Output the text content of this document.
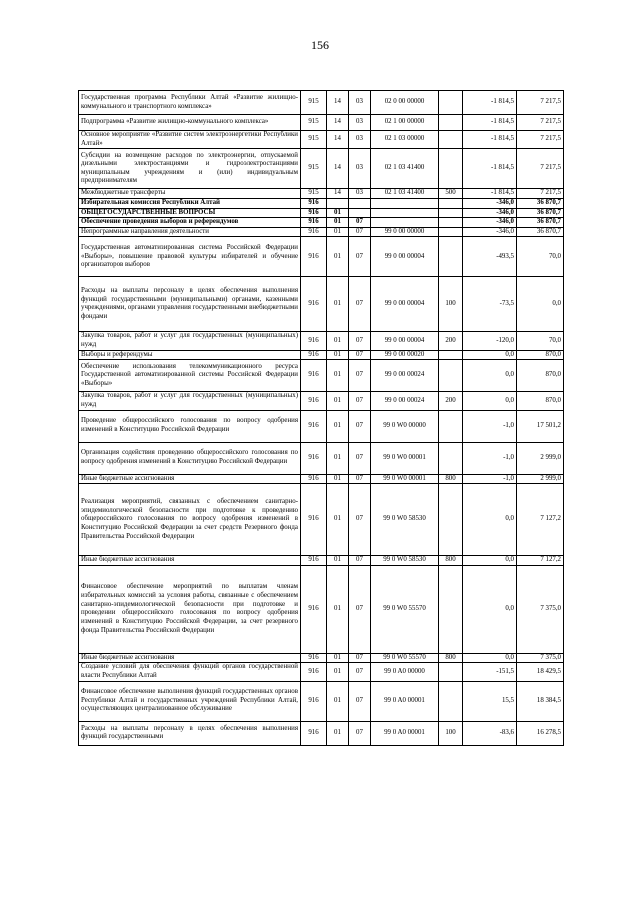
156
Государственная программа Республики Алтай «Развитие жилищно-коммунального и транспортного комплекса»	915	14	03	02 0 00 00000		-1 814,5	7 217,5
Подпрограмма «Развитие жилищно-коммунального комплекса»	915	14	03	02 1 00 00000		-1 814,5	7 217,5
Основное мероприятие «Развитие систем электроэнергетики Республики Алтай»	915	14	03	02 1 03 00000		-1 814,5	7 217,5
Субсидии на возмещение расходов по электроэнергии, отпускаемой дизельными электростанциями и гидроэлектростанциями муниципальным учреждениям и (или) индивидуальным предпринимателям	915	14	03	02 1 03 41400		-1 814,5	7 217,5
Межбюджетные трансферты	915	14	03	02 1 03 41400	500	-1 814,5	7 217,5
Избирательная комиссия Республики Алтай	916					-346,0	36 870,7
ОБЩЕГОСУДАРСТВЕННЫЕ ВОПРОСЫ	916	01				-346,0	36 870,7
Обеспечение проведения выборов и референдумов	916	01	07			-346,0	36 870,7
Непрограммные направления деятельности	916	01	07	99 0 00 00000		-346,0	36 870,7
Государственная автоматизированная система Российской Федерации «Выборы», повышение правовой культуры избирателей и обучение организаторов выборов	916	01	07	99 0 00 00004		-493,5	70,0
Расходы на выплаты персоналу в целях обеспечения выполнения функций государственными (муниципальными) органами, казенными учреждениями, органами управления государственными внебюджетными фондами	916	01	07	99 0 00 00004	100	-73,5	0,0
Закупка товаров, работ и услуг для государственных (муниципальных) нужд	916	01	07	99 0 00 00004	200	-120,0	70,0
Выборы и референдумы	916	01	07	99 0 00 00020		0,0	870,0
Обеспечение использования телекоммуникационного ресурса Государственной автоматизированной системы Российской Федерации «Выборы»	916	01	07	99 0 00 00024		0,0	870,0
Закупка товаров, работ и услуг для государственных (муниципальных) нужд	916	01	07	99 0 00 00024	200	0,0	870,0
Проведение общероссийского голосования по вопросу одобрения изменений в Конституцию Российской Федерации	916	01	07	99 0 W0 00000		-1,0	17 501,2
Организация содействия проведению общероссийского голосования по вопросу одобрения изменений в Конституцию Российской Федерации	916	01	07	99 0 W0 00001		-1,0	2 999,0
Иные бюджетные ассигнования	916	01	07	99 0 W0 00001	800	-1,0	2 999,0
Реализация мероприятий, связанных с обеспечением санитарно-эпидемиологической безопасности при подготовке к проведению общероссийского голосования по вопросу одобрения изменений в Конституцию Российской Федерации за счет средств Резервного фонда Правительства Российской Федерации	916	01	07	99 0 W0 58530		0,0	7 127,2
Иные бюджетные ассигнования	916	01	07	99 0 W0 58530	800	0,0	7 127,2
Финансовое обеспечение мероприятий по выплатам членам избирательных комиссий за условия работы, связанные с обеспечением санитарно-эпидемиологической безопасности при подготовке и проведении общероссийского голосования по вопросу одобрения изменений в Конституцию Российской Федерации, за счет резервного фонда Правительства Российской Федерации	916	01	07	99 0 W0 55570		0,0	7 375,0
Иные бюджетные ассигнования	916	01	07	99 0 W0 55570	800	0,0	7 375,0
Создание условий для обеспечения функций органов государственной власти Республики Алтай	916	01	07	99 0 A0 00000		-151,5	18 429,5
Финансовое обеспечение выполнения функций государственных органов Республики Алтай и государственных учреждений Республики Алтай, осуществляющих централизованное обслуживание	916	01	07	99 0 A0 00001		15,5	18 384,5
Расходы на выплаты персоналу в целях обеспечения выполнения функций государственными	916	01	07	99 0 A0 00001	100	-83,6	16 278,5
